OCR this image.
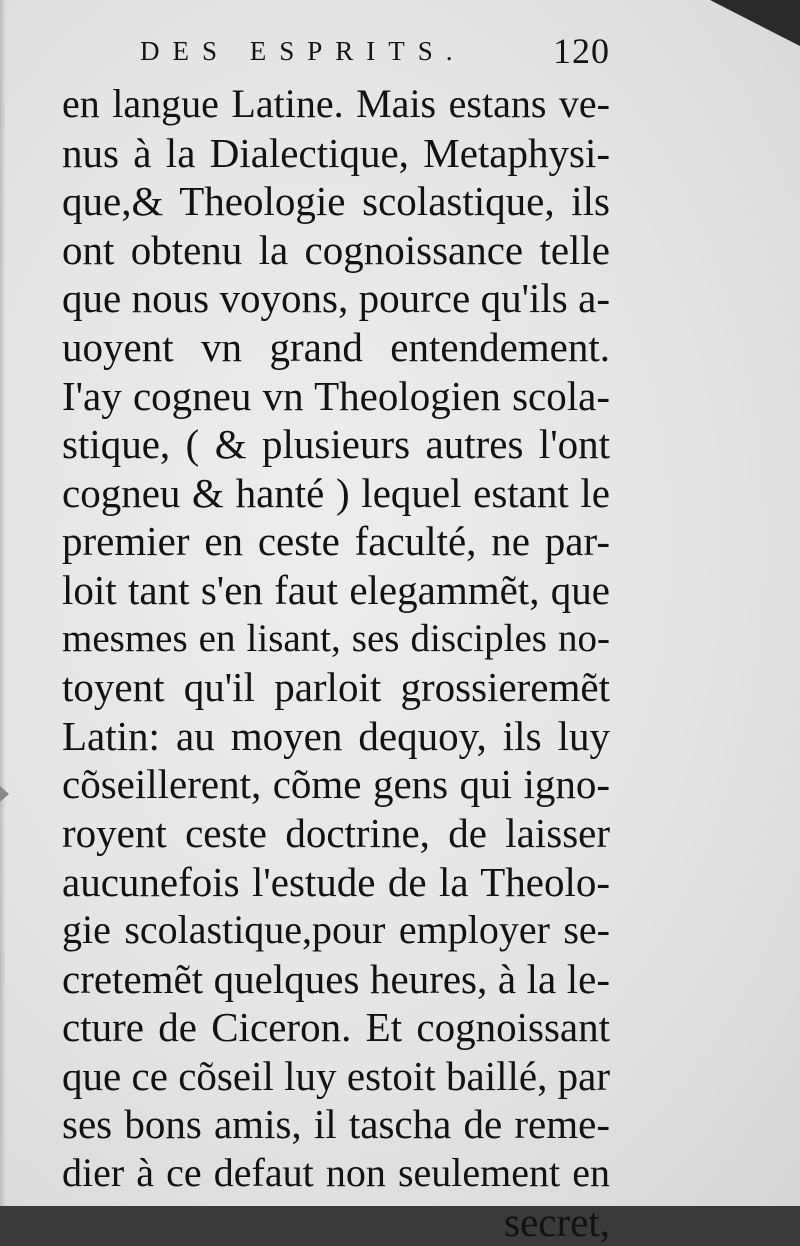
DES ESPRITS. 120
en langue Latine. Mais estans ve-
nus à la Dialectique, Metaphysi-
que,& Theologie scolastique, ils
ont obtenu la cognoissance telle
que nous voyons, pource qu'ils a-
uoyent vn grand entendement.
I'ay cogneu vn Theologien scola-
stique, ( & plusieurs autres l'ont
cogneu & hanté ) lequel estant le
premier en ceste faculté, ne par-
loit tant s'en faut elegammẽt, que
mesmes en lisant, ses disciples no-
toyent qu'il parloit grossieremẽt
Latin: au moyen dequoy, ils luy
cõseillerent, cõme gens qui igno-
royent ceste doctrine, de laisser
aucunefois l'estude de la Theolo-
gie scolastique,pour employer se-
cretemẽt quelques heures, à la le-
cture de Ciceron. Et cognoissant
que ce cõseil luy estoit baillé, par
ses bons amis, il tascha de reme-
dier à ce defaut non seulement en
secret,
